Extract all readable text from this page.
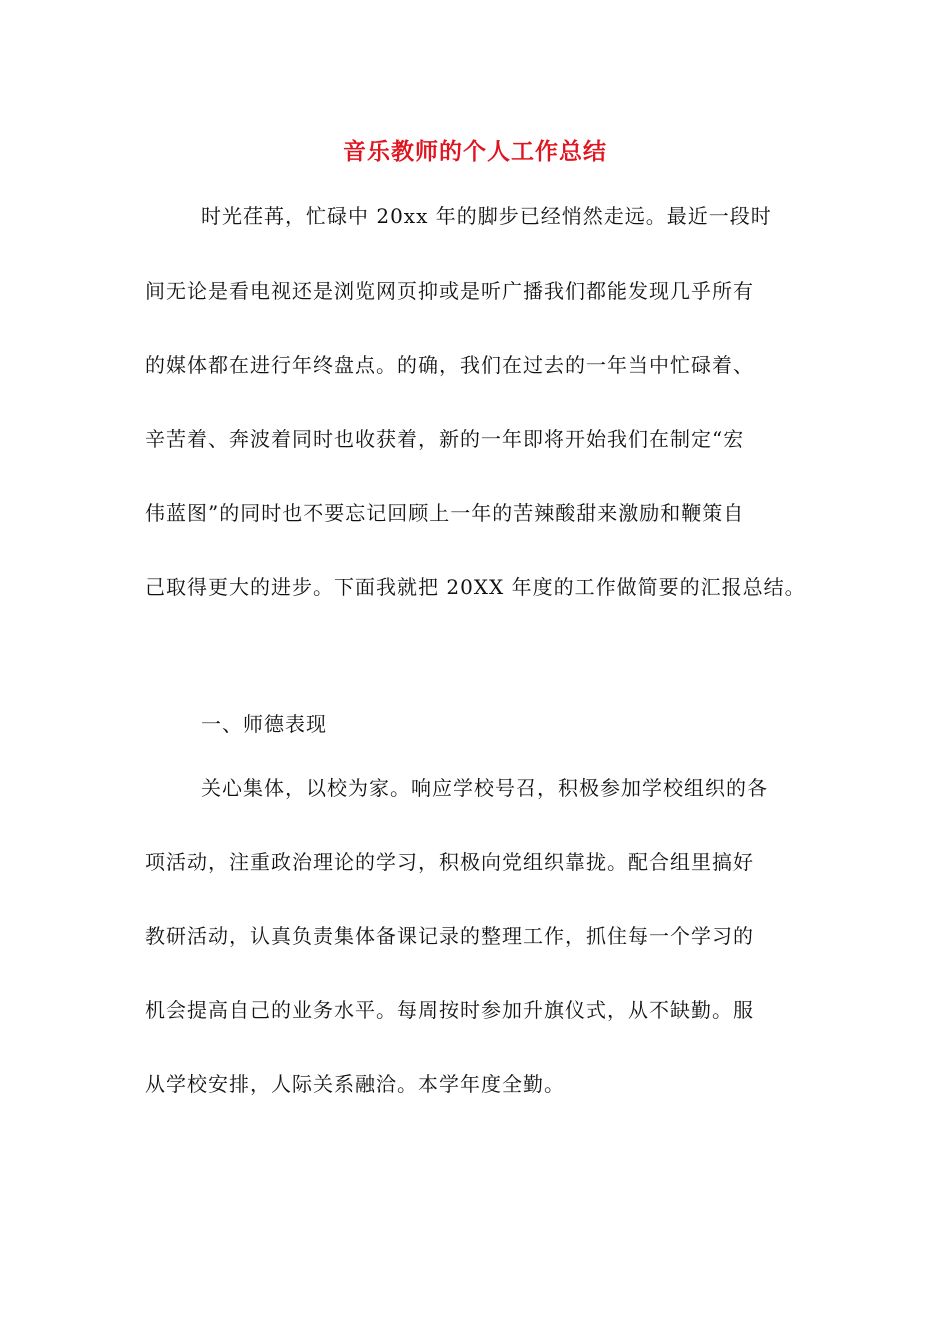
音乐教师的个人工作总结
时光荏苒，忙碌中 20xx 年的脚步已经悄然走远。最近一段时
间无论是看电视还是浏览网页抑或是听广播我们都能发现几乎所有
的媒体都在进行年终盘点。的确，我们在过去的一年当中忙碌着、
辛苦着、奔波着同时也收获着，新的一年即将开始我们在制定“宏
伟蓝图”的同时也不要忘记回顾上一年的苦辣酸甜来激励和鞭策自
己取得更大的进步。下面我就把 20XX 年度的工作做简要的汇报总结。
一、师德表现
关心集体，以校为家。响应学校号召，积极参加学校组织的各
项活动，注重政治理论的学习，积极向党组织靠拢。配合组里搞好
教研活动，认真负责集体备课记录的整理工作，抓住每一个学习的
机会提高自己的业务水平。每周按时参加升旗仪式，从不缺勤。服
从学校安排，人际关系融洽。本学年度全勤。
